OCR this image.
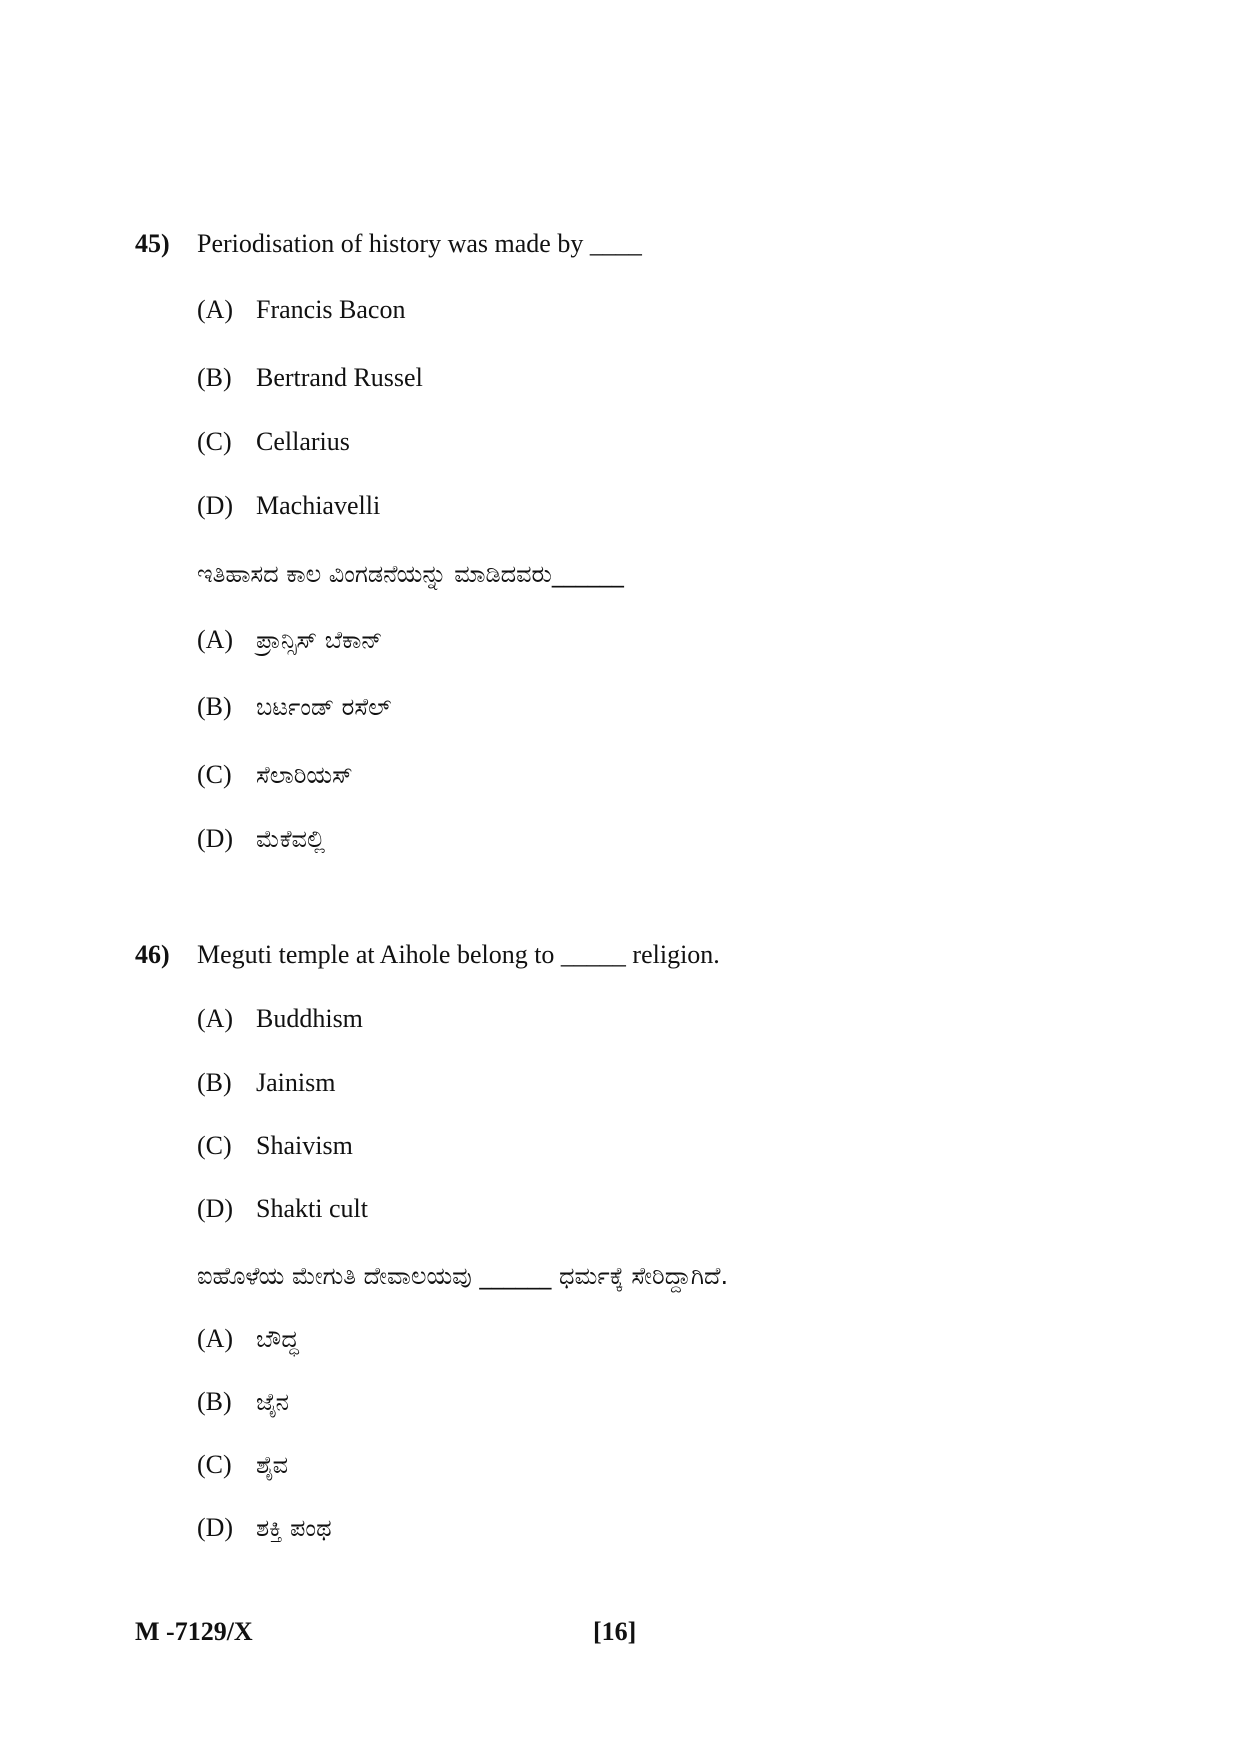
45) Periodisation of history was made by ____
(A) Francis Bacon
(B) Bertrand Russel
(C) Cellarius
(D) Machiavelli
ಇತಿಹಾಸದ ಕಾಲ ವಿಂಗಡನೆಯನ್ನು ಮಾಡಿದವರು______
(A) ಪ್ರಾನ್ಸಿಸ್ ಬೆಕಾನ್
(B) ಬರ್ಟಂಡ್ ರಸೆಲ್
(C) ಸೆಲಾರಿಯಸ್
(D) ಮೆಕೆವಲ್ಲಿ
46) Meguti temple at Aihole belong to _____ religion.
(A) Buddhism
(B) Jainism
(C) Shaivism
(D) Shakti cult
ಐಹೊಳೆಯ ಮೇಗುತಿ ದೇವಾಲಯವು ______ ಧರ್ಮಕ್ಕೆ ಸೇರಿದ್ದಾಗಿದೆ.
(A) ಬೌದ್ಧ
(B) ಜೈನ
(C) ಶೈವ
(D) ಶಕ್ತಿ ಪಂಥ
M -7129/X	[16]
